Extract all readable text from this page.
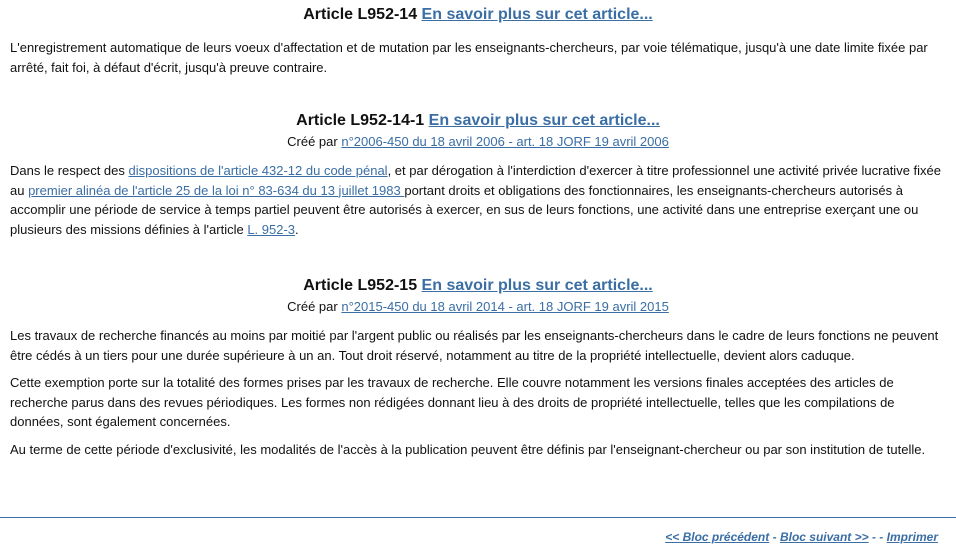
Article L952-14 En savoir plus sur cet article...

L'enregistrement automatique de leurs voeux d'affectation et de mutation par les enseignants-chercheurs, par voie télématique, jusqu'à une date limite fixée par arrêté, fait foi, à défaut d'écrit, jusqu'à preuve contraire.

Article L952-14-1 En savoir plus sur cet article...
Créé par n°2006-450 du 18 avril 2006 - art. 18 JORF 19 avril 2006

Dans le respect des dispositions de l'article 432-12 du code pénal, et par dérogation à l'interdiction d'exercer à titre professionnel une activité privée lucrative fixée au premier alinéa de l'article 25 de la loi n° 83-634 du 13 juillet 1983 portant droits et obligations des fonctionnaires, les enseignants-chercheurs autorisés à accomplir une période de service à temps partiel peuvent être autorisés à exercer, en sus de leurs fonctions, une activité dans une entreprise exerçant une ou plusieurs des missions définies à l'article L. 952-3.

Article L952-15 En savoir plus sur cet article...
Créé par n°2015-450 du 18 avril 2014 - art. 18 JORF 19 avril 2015

Les travaux de recherche financés au moins par moitié par l'argent public ou réalisés par les enseignants-chercheurs dans le cadre de leurs fonctions ne peuvent être cédés à un tiers pour une durée supérieure à un an. Tout droit réservé, notamment au titre de la propriété intellectuelle, devient alors caduque.

Cette exemption porte sur la totalité des formes prises par les travaux de recherche. Elle couvre notamment les versions finales acceptées des articles de recherche parus dans des revues périodiques. Les formes non rédigées donnant lieu à des droits de propriété intellectuelle, telles que les compilations de données, sont également concernées.

Au terme de cette période d'exclusivité, les modalités de l'accès à la publication peuvent être définis par l'enseignant-chercheur ou par son institution de tutelle.

<< Bloc précédent - Bloc suivant >> - - Imprimer
